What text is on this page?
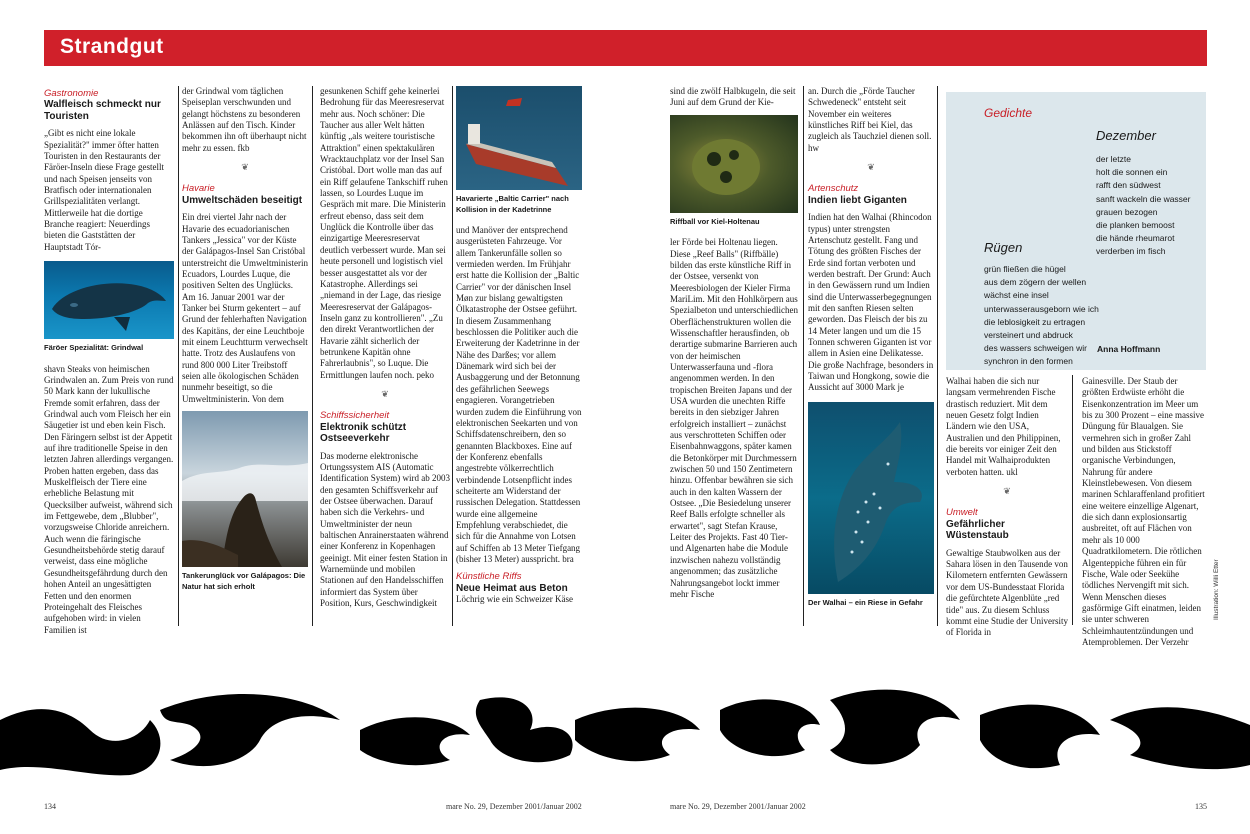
Strandgut
Gastronomie
Walfleisch schmeckt nur Touristen

„Gibt es nicht eine lokale Spezialität?" immer öfter hatten Touristen in den Restaurants der Färöer-Inseln diese Frage gestellt und nach Speisen jenseits von Bratfisch oder internationalen Grillspezialitäten verlangt. Mittlerweile hat die dortige Branche reagiert: Neuerdings bieten die Gaststätten der Hauptstadt Tór-

Färöer Spezialität: Grindwal

shavn Steaks von heimischen Grindwalen an. Zum Preis von rund 50 Mark kann der lukullische Fremde somit erfahren, dass der Grindwal auch vom Fleisch her ein Säugetier ist und eben kein Fisch. Den Färingern selbst ist der Appetit auf ihre traditionelle Speise in den letzten Jahren allerdings vergangen. Proben hatten ergeben, dass das Muskelfleisch der Tiere eine erhebliche Belastung mit Quecksilber aufweist, während sich im Fettgewebe, dem „Blubber", vorzugsweise Chloride anreichern. Auch wenn die färingische Gesundheitsbehörde stetig darauf verweist, dass eine mögliche Gesundheitsgefährdung durch den hohen Anteil an ungesättigten Fetten und den enormen Proteingehalt des Fleisches aufgehoben wird: in vielen Familien ist

der Grindwal vom täglichen Speiseplan verschwunden und gelangt höchstens zu besonderen Anlässen auf den Tisch. Kinder bekommen ihn oft überhaupt nicht mehr zu essen. fkb

❦
Havarie
Umweltschäden beseitigt

Ein drei viertel Jahr nach der Havarie des ecuadorianischen Tankers „Jessica" vor der Küste der Galápagos-Insel San Cristóbal unterstreicht die Umweltministerin Ecuadors, Lourdes Luque, die positiven Selten des Unglücks. Am 16. Januar 2001 war der Tanker bei Sturm gekentert – auf Grund der fehlerhaften Navigation des Kapitäns, der eine Leuchtboje mit einem Leuchtturm verwechselt hatte. Trotz des Auslaufens von rund 800 000 Liter Treibstoff seien alle ökologischen Schäden nunmehr beseitigt, so die Umweltministerin. Von dem

Tankerunglück vor Galápagos: Die Natur hat sich erholt

gesunkenen Schiff gehe keinerlei Bedrohung für das Meeresreservat mehr aus. Noch schöner: Die Taucher aus aller Welt hätten künftig „als weitere touristische Attraktion" einen spektakulären Wracktauchplatz vor der Insel San Cristóbal. Dort wolle man das auf ein Riff gelaufene Tankschiff ruhen lassen, so Lourdes Luque im Gespräch mit mare. Die Ministerin erfreut ebenso, dass seit dem Unglück die Kontrolle über das einzigartige Meeresreservat deutlich verbessert wurde. Man sei heute personell und logistisch viel besser ausgestattet als vor der Katastrophe. Allerdings sei „niemand in der Lage, das riesige Meeresreservat der Galápagos-Inseln ganz zu kontrollieren". „Zu den direkt Verantwortlichen der Havarie zählt sicherlich der betrunkene Kapitän ohne Fahrerlaubnis", so Luque. Die Ermittlungen laufen noch. peko

❦
Schiffssicherheit
Elektronik schützt Ostseeverkehr

Das moderne elektronische Ortungssystem AIS (Automatic Identification System) wird ab 2003 den gesamten Schiffsverkehr auf der Ostsee überwachen. Darauf haben sich die Verkehrs- und Umweltminister der neun baltischen Anrainerstaaten während einer Konferenz in Kopenhagen geeinigt. Mit einer festen Station in Warnemünde und mobilen Stationen auf den Handelsschiffen informiert das System über Position, Kurs, Geschwindigkeit

Havarierte „Baltic Carrier" nach Kollision in der Kadetrinne

und Manöver der entsprechend ausgerüsteten Fahrzeuge. Vor allem Tankerunfälle sollen so vermieden werden. Im Frühjahr erst hatte die Kollision der „Baltic Carrier" vor der dänischen Insel Møn zur bislang gewaltigsten Ölkatastrophe der Ostsee geführt. In diesem Zusammenhang beschlossen die Politiker auch die Erweiterung der Kadetrinne in der Nähe des Darßes; vor allem Dänemark wird sich bei der Ausbaggerung und der Betonnung des gefährlichen Seewegs engagieren. Vorangetrieben wurden zudem die Einführung von elektronischen Seekarten und von Schiffsdatenschreibern, den so genannten Blackboxes. Eine auf der Konferenz ebenfalls angestrebte völkerrechtlich verbindende Lotsenpflicht indes scheiterte am Widerstand der russischen Delegation. Stattdessen wurde eine allgemeine Empfehlung verabschiedet, die sich für die Annahme von Lotsen auf Schiffen ab 13 Meter Tiefgang (bisher 13 Meter) ausspricht. bra

Künstliche Riffs
Neue Heimat aus Beton

Löchrig wie ein Schweizer Käse

sind die zwölf Halbkugeln, die seit Juni auf dem Grund der Kie-

Riffball vor Kiel-Holtenau

ler Förde bei Holtenau liegen. Diese „Reef Balls" (Riffbälle) bilden das erste künstliche Riff in der Ostsee, versenkt von Meeresbiologen der Kieler Firma MariLim. Mit den Hohlkörpern aus Spezialbeton und unterschiedlichen Oberflächenstrukturen wollen die Wissenschaftler herausfinden, ob derartige submarine Barrieren auch von der heimischen Unterwasserfauna und -flora angenommen werden. In den tropischen Breiten Japans und der USA wurden die unechten Riffe bereits in den siebziger Jahren erfolgreich installiert – zunächst aus verschrotteten Schiffen oder Eisenbahnwaggons, später kamen die Betonkörper mit Durchmessern zwischen 50 und 150 Zentimetern hinzu. Offenbar bewähren sie sich auch in den kalten Wassern der Ostsee. „Die Besiedelung unserer Reef Balls erfolgte schneller als erwartet", sagt Stefan Krause, Leiter des Projekts. Fast 40 Tier- und Algenarten habe die Module inzwischen nahezu vollständig angenommen; das zusätzliche Nahrungsangebot lockt immer mehr Fische

an. Durch die „Förde Taucher Schwedeneck" entsteht seit November ein weiteres künstliches Riff bei Kiel, das zugleich als Tauchziel dienen soll. hw

❦
Artenschutz
Indien liebt Giganten

Indien hat den Walhai (Rhincodon typus) unter strengsten Artenschutz gestellt. Fang und Tötung des größten Fisches der Erde sind fortan verboten und werden bestraft. Der Grund: Auch in den Gewässern rund um Indien sind die Unterwasserbegegnungen mit den sanften Riesen selten geworden. Das Fleisch der bis zu 14 Meter langen und um die 15 Tonnen schweren Giganten ist vor allem in Asien eine Delikatesse. Die große Nachfrage, besonders in Taiwan und Hongkong, sowie die Aussicht auf 3000 Mark je

Der Walhai – ein Riese in Gefahr
Gedichte
Dezember
der letzte
holt die sonnen ein
rafft den südwest
sanft wackeln die wasser
grauen bezogen
die planken bemoost
die hände rheumarot
verderben im fisch
Rügen
grün fließen die hügel
aus dem zögern der wellen
wächst eine insel
unterwasserausgeborn wie ich
die leblosigkeit zu ertragen
versteinert und abdruck
des wassers schweigen wir
synchron in den formen
Anna Hoffmann

Walhai haben die sich nur langsam vermehrenden Fische drastisch reduziert. Mit dem neuen Gesetz folgt Indien Ländern wie den USA, Australien und den Philippinen, die bereits vor einiger Zeit den Handel mit Walhaiprodukten verboten hatten. ukl

❦
Umwelt
Gefährlicher Wüstenstaub

Gewaltige Staubwolken aus der Sahara lösen in den Tausende von Kilometern entfernten Gewässern vor dem US-Bundesstaat Florida die gefürchtete Algenblüte „red tide" aus. Zu diesem Schluss kommt eine Studie der University of Florida in

Gainesville. Der Staub der größten Erdwüste erhöht die Eisenkonzentration im Meer um bis zu 300 Prozent – eine massive Düngung für Blaualgen. Sie vermehren sich in großer Zahl und bilden aus Stickstoff organische Verbindungen, Nahrung für andere Kleinstlebewesen. Von diesem marinen Schlaraffenland profitiert eine weitere einzellige Algenart, die sich dann explosionsartig ausbreitet, oft auf Flächen von mehr als 10 000 Quadratkilometern. Die rötlichen Algenteppiche führen ein für Fische, Wale oder Seekühe tödliches Nervengift mit sich. Wenn Menschen dieses gasförmige Gift einatmen, leiden sie unter schweren Schleimhautentzündungen und Atemproblemen. Der Verzehr

Illustration: Willi Etter
134	mare No. 29, Dezember 2001/Januar 2002	mare No. 29, Dezember 2001/Januar 2002	135
